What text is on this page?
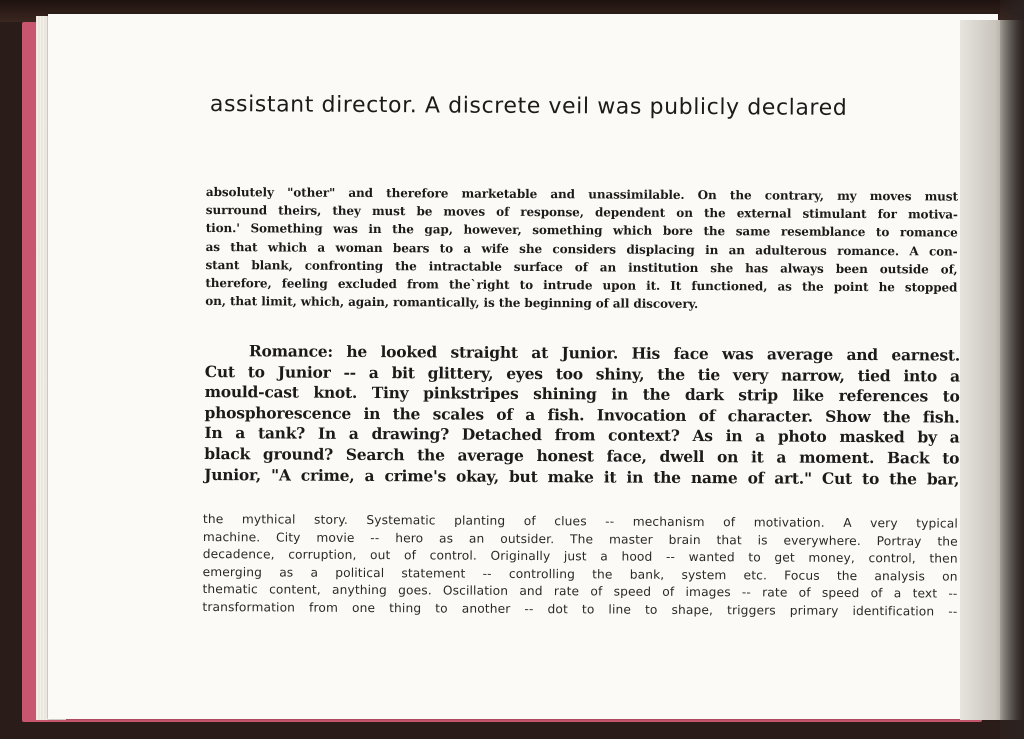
assistant director. A discrete veil was publicly declared
absolutely "other" and therefore marketable and unassimilable. On the contrary, my moves must
surround theirs, they must be moves of response, dependent on the external stimulant for motiva-
tion.' Something was in the gap, however, something which bore the same resemblance to romance
as that which a woman bears to a wife she considers displacing in an adulterous romance. A con-
stant blank, confronting the intractable surface of an institution she has always been outside of,
therefore, feeling excluded from the`right to intrude upon it. It functioned, as the point he stopped
on, that limit, which, again, romantically, is the beginning of all discovery.
Romance: he looked straight at Junior. His face was average and earnest.
Cut to Junior -- a bit glittery, eyes too shiny, the tie very narrow, tied into a
mould-cast knot. Tiny pinkstripes shining in the dark strip like references to
phosphorescence in the scales of a fish. Invocation of character. Show the fish.
In a tank? In a drawing? Detached from context? As in a photo masked by a
black ground? Search the average honest face, dwell on it a moment. Back to
Junior, "A crime, a crime's okay, but make it in the name of art." Cut to the bar,
the mythical story. Systematic planting of clues -- mechanism of motivation. A very typical
machine. City movie -- hero as an outsider. The master brain that is everywhere. Portray the
decadence, corruption, out of control. Originally just a hood -- wanted to get money, control, then
emerging as a political statement -- controlling the bank, system etc. Focus the analysis on
thematic content, anything goes. Oscillation and rate of speed of images -- rate of speed of a text --
transformation from one thing to another -- dot to line to shape, triggers primary identification --
